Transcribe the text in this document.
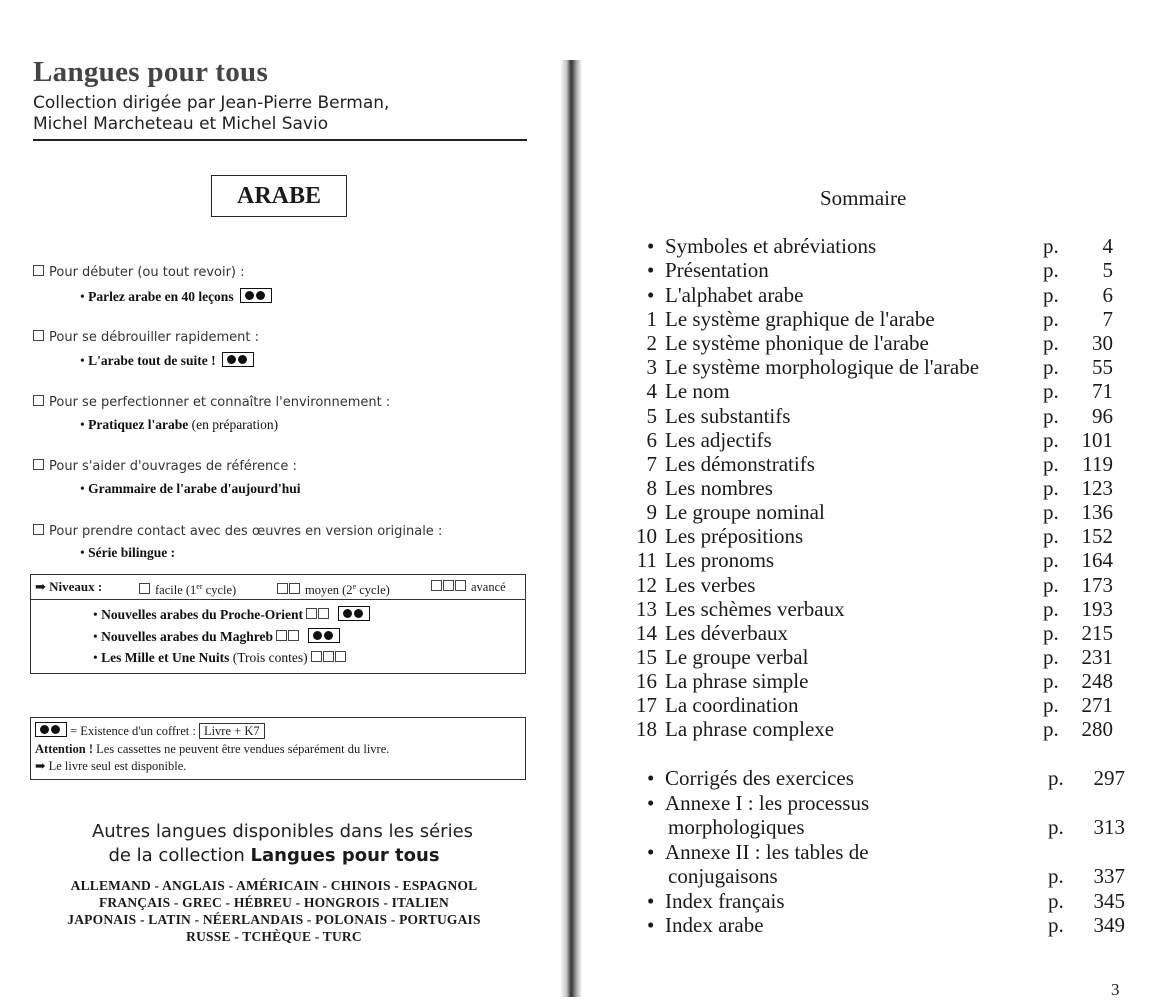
Langues pour tous
Collection dirigée par Jean-Pierre Berman,
Michel Marcheteau et Michel Savio
ARABE
Pour débuter (ou tout revoir) :
• Parlez arabe en 40 leçons
Pour se débrouiller rapidement :
• L'arabe tout de suite !
Pour se perfectionner et connaître l'environnement :
• Pratiquez l'arabe (en préparation)
Pour s'aider d'ouvrages de référence :
• Grammaire de l'arabe d'aujourd'hui
Pour prendre contact avec des œuvres en version originale :
• Série bilingue :
➡ Niveaux :	facile (1er cycle)	moyen (2e cycle)	avancé
• Nouvelles arabes du Proche-Orient
• Nouvelles arabes du Maghreb
• Les Mille et Une Nuits (Trois contes)
= Existence d'un coffret : Livre + K7
Attention ! Les cassettes ne peuvent être vendues séparément du livre.
➡ Le livre seul est disponible.
Autres langues disponibles dans les séries
de la collection Langues pour tous
ALLEMAND - ANGLAIS - AMÉRICAIN - CHINOIS - ESPAGNOL
FRANÇAIS - GREC - HÉBREU - HONGROIS - ITALIEN
JAPONAIS - LATIN - NÉERLANDAIS - POLONAIS - PORTUGAIS
RUSSE - TCHÈQUE - TURC
Sommaire
• Symboles et abréviations	p.	4
• Présentation	p.	5
• L'alphabet arabe	p.	6
1 Le système graphique de l'arabe	p.	7
2 Le système phonique de l'arabe	p.	30
3 Le système morphologique de l'arabe	p.	55
4 Le nom	p.	71
5 Les substantifs	p.	96
6 Les adjectifs	p.	101
7 Les démonstratifs	p.	119
8 Les nombres	p.	123
9 Le groupe nominal	p.	136
10 Les prépositions	p.	152
11 Les pronoms	p.	164
12 Les verbes	p.	173
13 Les schèmes verbaux	p.	193
14 Les déverbaux	p.	215
15 Le groupe verbal	p.	231
16 La phrase simple	p.	248
17 La coordination	p.	271
18 La phrase complexe	p.	280
• Corrigés des exercices	p.	297
• Annexe I : les processus
morphologiques	p.	313
• Annexe II : les tables de
conjugaisons	p.	337
• Index français	p.	345
• Index arabe	p.	349
3
